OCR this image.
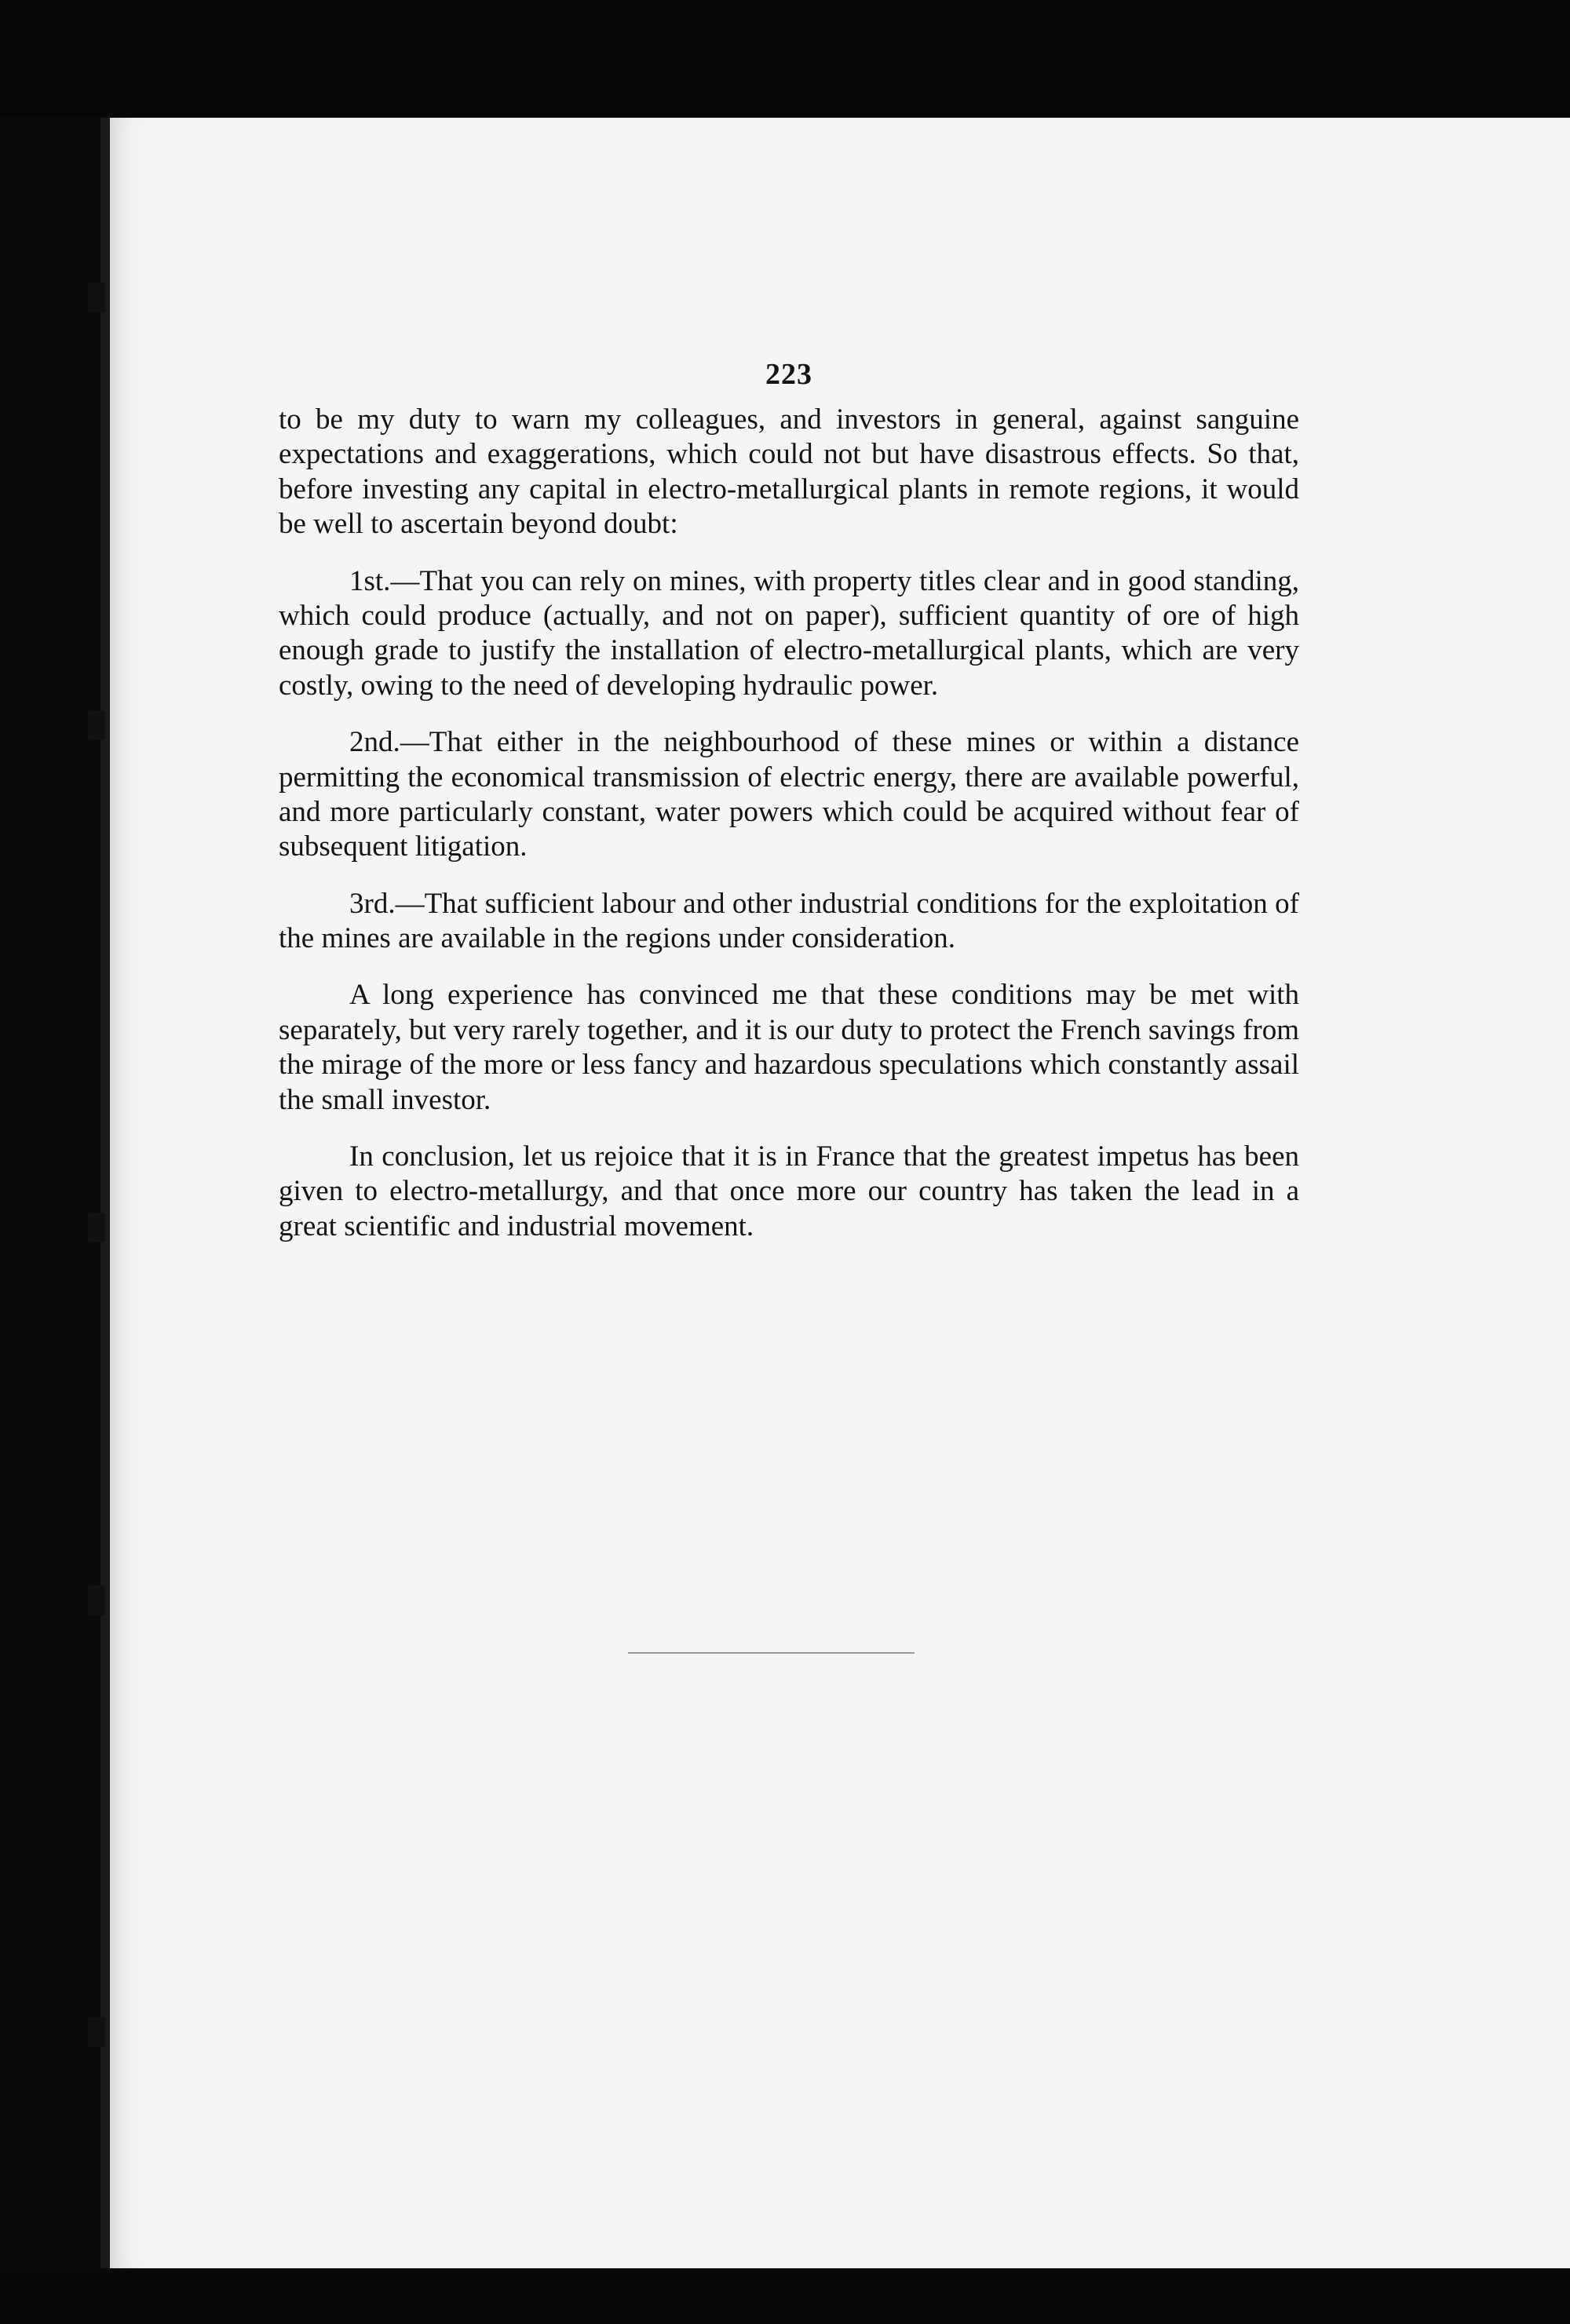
223

to be my duty to warn my colleagues, and investors in general, against sanguine expectations and exaggerations, which could not but have disastrous effects. So that, before investing any capital in electro-metallurgical plants in remote regions, it would be well to ascertain beyond doubt:

1st.—That you can rely on mines, with property titles clear and in good standing, which could produce (actually, and not on paper), sufficient quantity of ore of high enough grade to justify the installation of electro-metallurgical plants, which are very costly, owing to the need of developing hydraulic power.

2nd.—That either in the neighbourhood of these mines or within a distance permitting the economical transmission of electric energy, there are available powerful, and more particularly constant, water powers which could be acquired without fear of subsequent litigation.

3rd.—That sufficient labour and other industrial conditions for the exploitation of the mines are available in the regions under consideration.

A long experience has convinced me that these conditions may be met with separately, but very rarely together, and it is our duty to protect the French savings from the mirage of the more or less fancy and hazardous speculations which constantly assail the small investor.

In conclusion, let us rejoice that it is in France that the greatest impetus has been given to electro-metallurgy, and that once more our country has taken the lead in a great scientific and industrial movement.
